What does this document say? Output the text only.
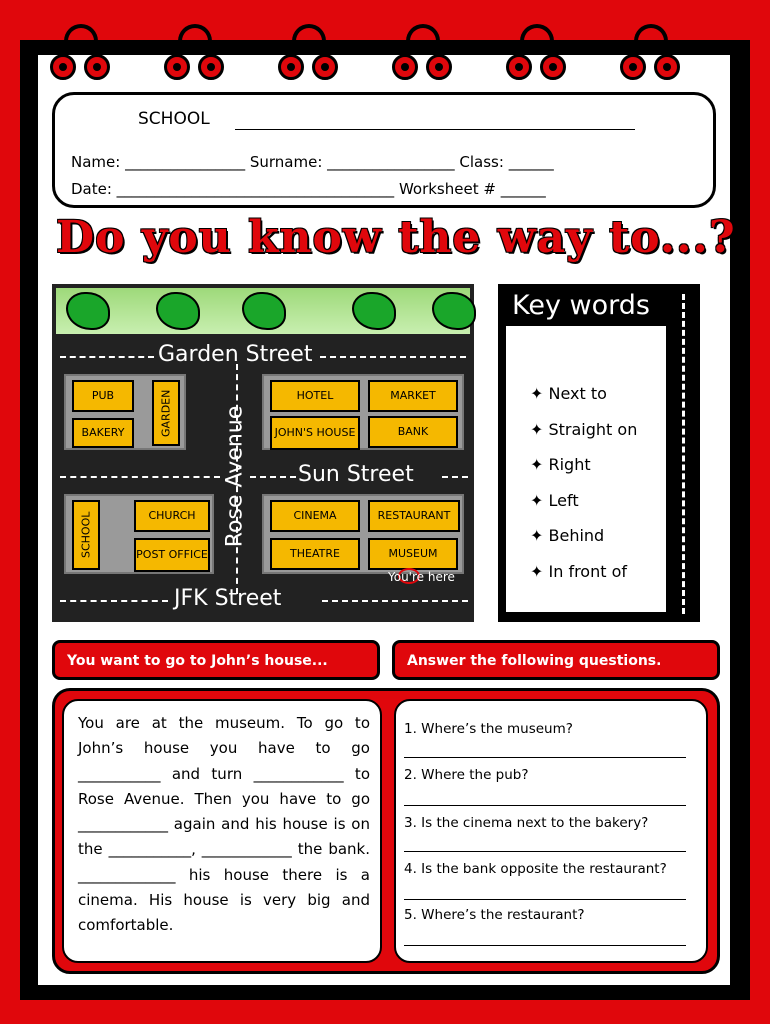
SCHOOL
Name: ________________ Surname: _________________ Class: ______
Date: _____________________________________ Worksheet # ______
Do you know the way to...?
Garden Street
Sun Street
JFK Street
Rose Avenue
PUB	GARDEN
BAKERY
HOTEL	MARKET
JOHN'S HOUSE	BANK
SCHOOL	CHURCH
POST OFFICE
CINEMA	RESTAURANT
THEATRE	MUSEUM
You're here
Key words
✦ Next to
✦ Straight on
✦ Right
✦ Left
✦ Behind
✦ In front of
You want to go to John’s house...	Answer the following questions.

You are at the museum. To go to John’s house you have to go ___________ and turn ____________ to Rose Avenue. Then you have to go ____________ again and his house is on the ___________, ____________ the bank. _____________ his house there is a cinema. His house is very big and comfortable.

1. Where’s the museum?
2. Where the pub?
3. Is the cinema next to the bakery?
4. Is the bank opposite the restaurant?
5. Where’s the restaurant?
